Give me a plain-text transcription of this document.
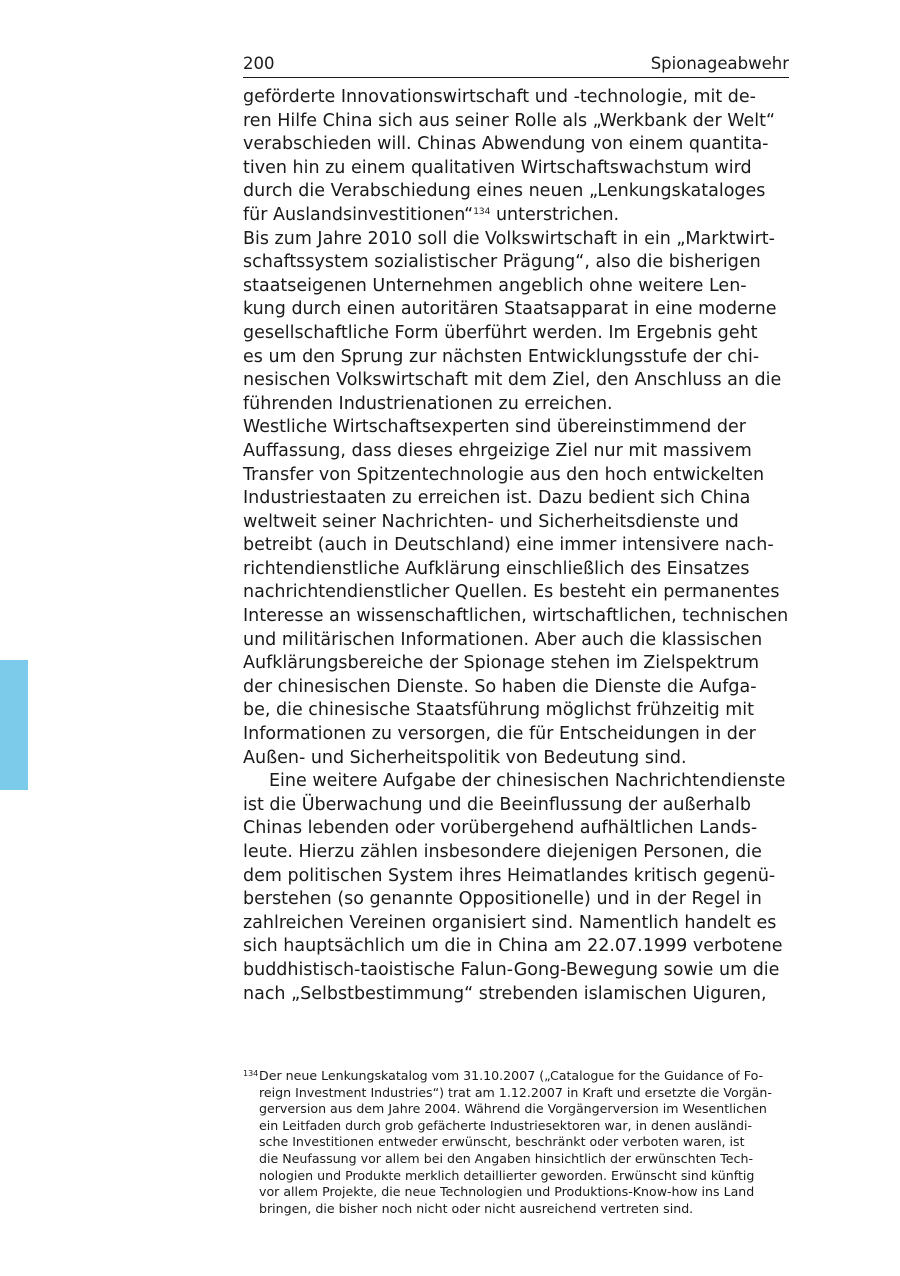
200	Spionageabwehr
geförderte Innovationswirtschaft und -technologie, mit de-
ren Hilfe China sich aus seiner Rolle als „Werkbank der Welt“
verabschieden will. Chinas Abwendung von einem quantita-
tiven hin zu einem qualitativen Wirtschaftswachstum wird
durch die Verabschiedung eines neuen „Lenkungskataloges
für Auslandsinvestitionen“$^{134}$ unterstrichen.
Bis zum Jahre 2010 soll die Volkswirtschaft in ein „Marktwirt-
schaftssystem sozialistischer Prägung“, also die bisherigen
staatseigenen Unternehmen angeblich ohne weitere Len-
kung durch einen autoritären Staatsapparat in eine moderne
gesellschaftliche Form überführt werden. Im Ergebnis geht
es um den Sprung zur nächsten Entwicklungsstufe der chi-
nesischen Volkswirtschaft mit dem Ziel, den Anschluss an die
führenden Industrienationen zu erreichen.
Westliche Wirtschaftsexperten sind übereinstimmend der
Auffassung, dass dieses ehrgeizige Ziel nur mit massivem
Transfer von Spitzentechnologie aus den hoch entwickelten
Industriestaaten zu erreichen ist. Dazu bedient sich China
weltweit seiner Nachrichten- und Sicherheitsdienste und
betreibt (auch in Deutschland) eine immer intensivere nach-
richtendienstliche Aufklärung einschließlich des Einsatzes
nachrichtendienstlicher Quellen. Es besteht ein permanentes
Interesse an wissenschaftlichen, wirtschaftlichen, technischen
und militärischen Informationen. Aber auch die klassischen
Aufklärungsbereiche der Spionage stehen im Zielspektrum
der chinesischen Dienste. So haben die Dienste die Aufga-
be, die chinesische Staatsführung möglichst frühzeitig mit
Informationen zu versorgen, die für Entscheidungen in der
Außen- und Sicherheitspolitik von Bedeutung sind.
Eine weitere Aufgabe der chinesischen Nachrichtendienste
ist die Überwachung und die Beeinflussung der außerhalb
Chinas lebenden oder vorübergehend aufhältlichen Lands-
leute. Hierzu zählen insbesondere diejenigen Personen, die
dem politischen System ihres Heimatlandes kritisch gegenü-
berstehen (so genannte Oppositionelle) und in der Regel in
zahlreichen Vereinen organisiert sind. Namentlich handelt es
sich hauptsächlich um die in China am 22.07.1999 verbotene
buddhistisch-taoistische Falun-Gong-Bewegung sowie um die
nach „Selbstbestimmung“ strebenden islamischen Uiguren,
134Der neue Lenkungskatalog vom 31.10.2007 („Catalogue for the Guidance of Fo-
reign Investment Industries“) trat am 1.12.2007 in Kraft und ersetzte die Vorgän-
gerversion aus dem Jahre 2004. Während die Vorgängerversion im Wesentlichen
ein Leitfaden durch grob gefächerte Industriesektoren war, in denen ausländi-
sche Investitionen entweder erwünscht, beschränkt oder verboten waren, ist
die Neufassung vor allem bei den Angaben hinsichtlich der erwünschten Tech-
nologien und Produkte merklich detaillierter geworden. Erwünscht sind künftig
vor allem Projekte, die neue Technologien und Produktions-Know-how ins Land
bringen, die bisher noch nicht oder nicht ausreichend vertreten sind.
